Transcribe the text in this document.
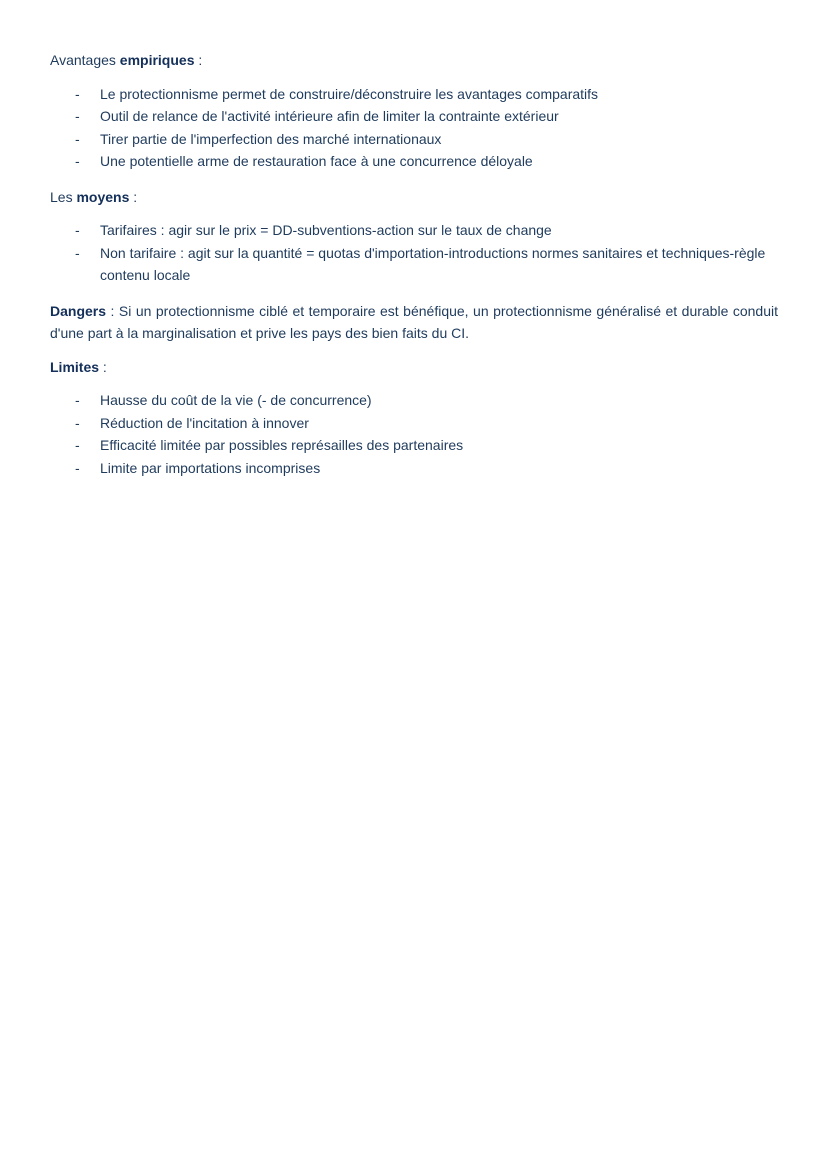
Avantages empiriques :

- Le protectionnisme permet de construire/déconstruire les avantages comparatifs
- Outil de relance de l'activité intérieure afin de limiter la contrainte extérieur
- Tirer partie de l'imperfection des marché internationaux
- Une potentielle arme de restauration face à une concurrence déloyale

Les moyens :

- Tarifaires : agir sur le prix = DD-subventions-action sur le taux de change
- Non tarifaire : agit sur la quantité = quotas d'importation-introductions normes sanitaires et techniques-règle contenu locale

Dangers : Si un protectionnisme ciblé et temporaire est bénéfique, un protectionnisme généralisé et durable conduit d'une part à la marginalisation et prive les pays des bien faits du CI.

Limites :

- Hausse du coût de la vie (- de concurrence)
- Réduction de l'incitation à innover
- Efficacité limitée par possibles représailles des partenaires
- Limite par importations incomprises
